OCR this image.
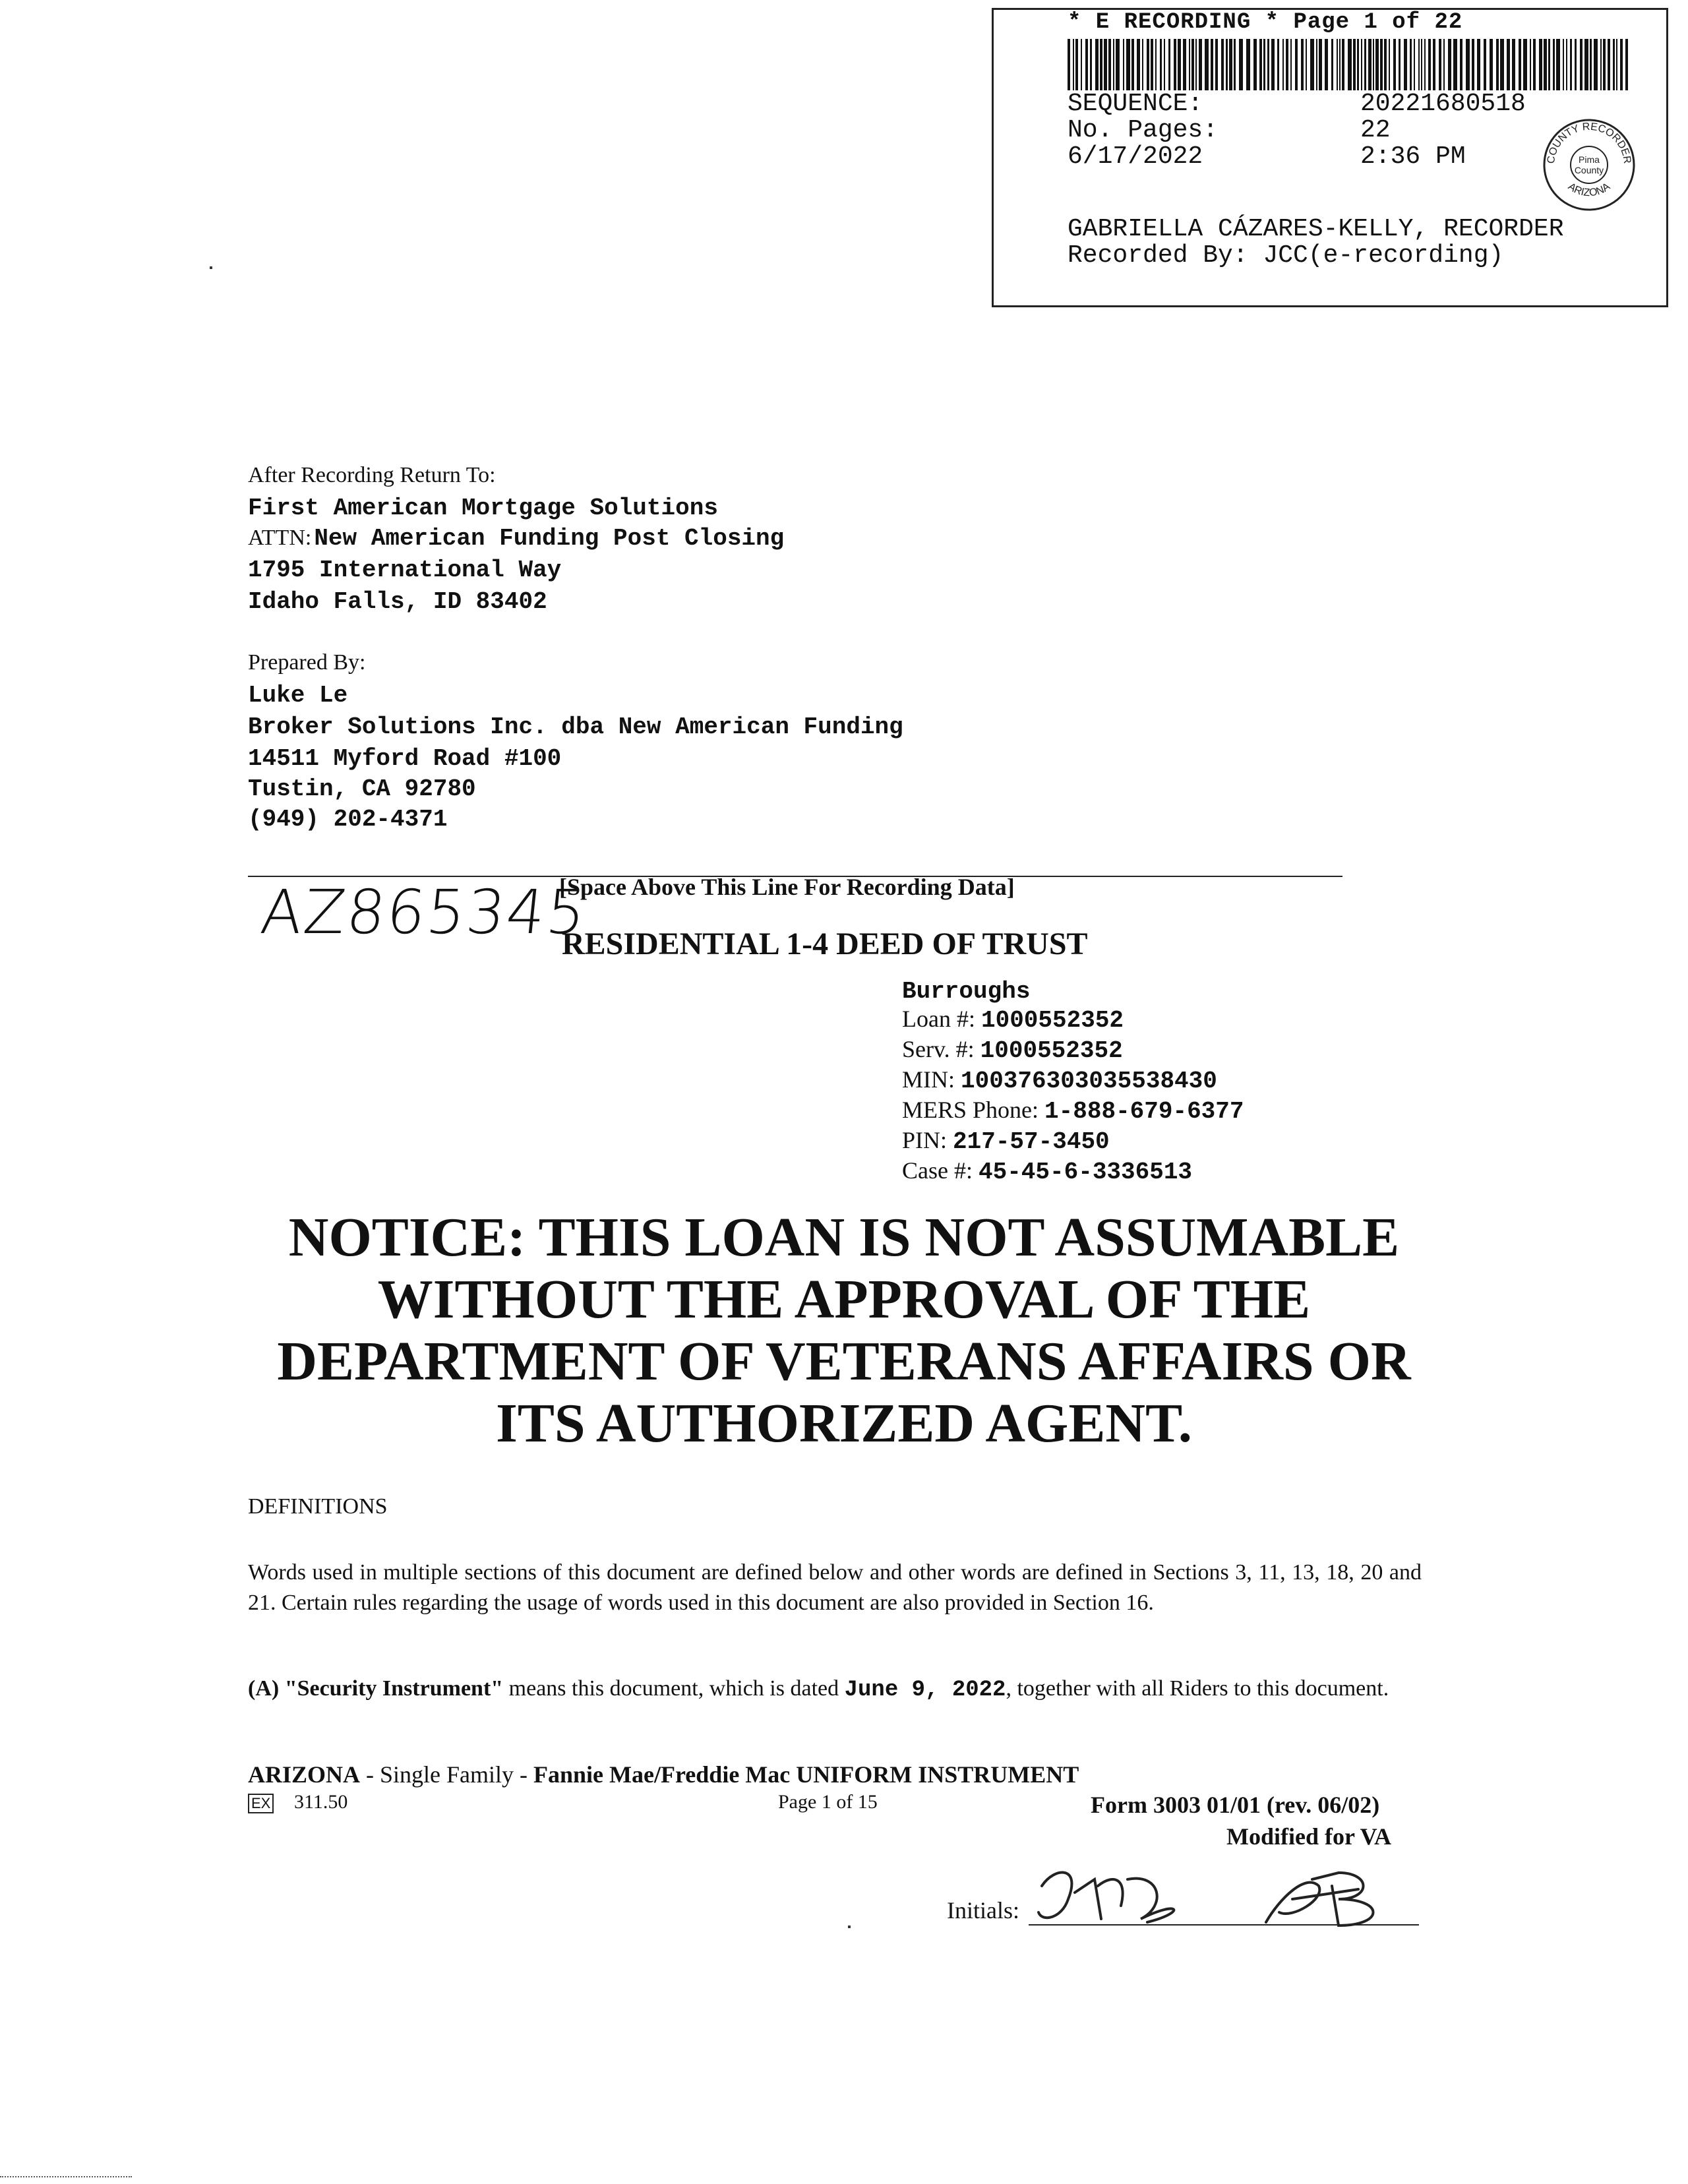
* E RECORDING * Page 1 of 22
SEQUENCE:	20221680518
No. Pages:	22
6/17/2022	2:36 PM	COUNTY RECORDER
ARIZONA
Pima
County
GABRIELLA CÁZARES-KELLY, RECORDER
Recorded By: JCC(e-recording)
After Recording Return To:
First American Mortgage Solutions
ATTN: New American Funding Post Closing
1795 International Way
Idaho Falls, ID 83402
Prepared By:
Luke Le
Broker Solutions Inc. dba New American Funding
14511 Myford Road #100
Tustin, CA 92780
(949) 202-4371
AZ865345
[Space Above This Line For Recording Data]
RESIDENTIAL 1-4 DEED OF TRUST
Burroughs
Loan #: 1000552352
Serv. #: 1000552352
MIN: 100376303035538430
MERS Phone: 1-888-679-6377
PIN: 217-57-3450
Case #: 45-45-6-3336513
NOTICE: THIS LOAN IS NOT ASSUMABLE
WITHOUT THE APPROVAL OF THE
DEPARTMENT OF VETERANS AFFAIRS OR
ITS AUTHORIZED AGENT.
DEFINITIONS
Words used in multiple sections of this document are defined below and other words are defined in Sections 3, 11, 13, 18, 20 and 21. Certain rules regarding the usage of words used in this document are also provided in Section 16.
(A) "Security Instrument" means this document, which is dated June 9, 2022, together with all Riders to this document.
ARIZONA - Single Family - Fannie Mae/Freddie Mac UNIFORM INSTRUMENT
EX 311.50	Page 1 of 15	Form 3003 01/01 (rev. 06/02)
Modified for VA
Initials:
